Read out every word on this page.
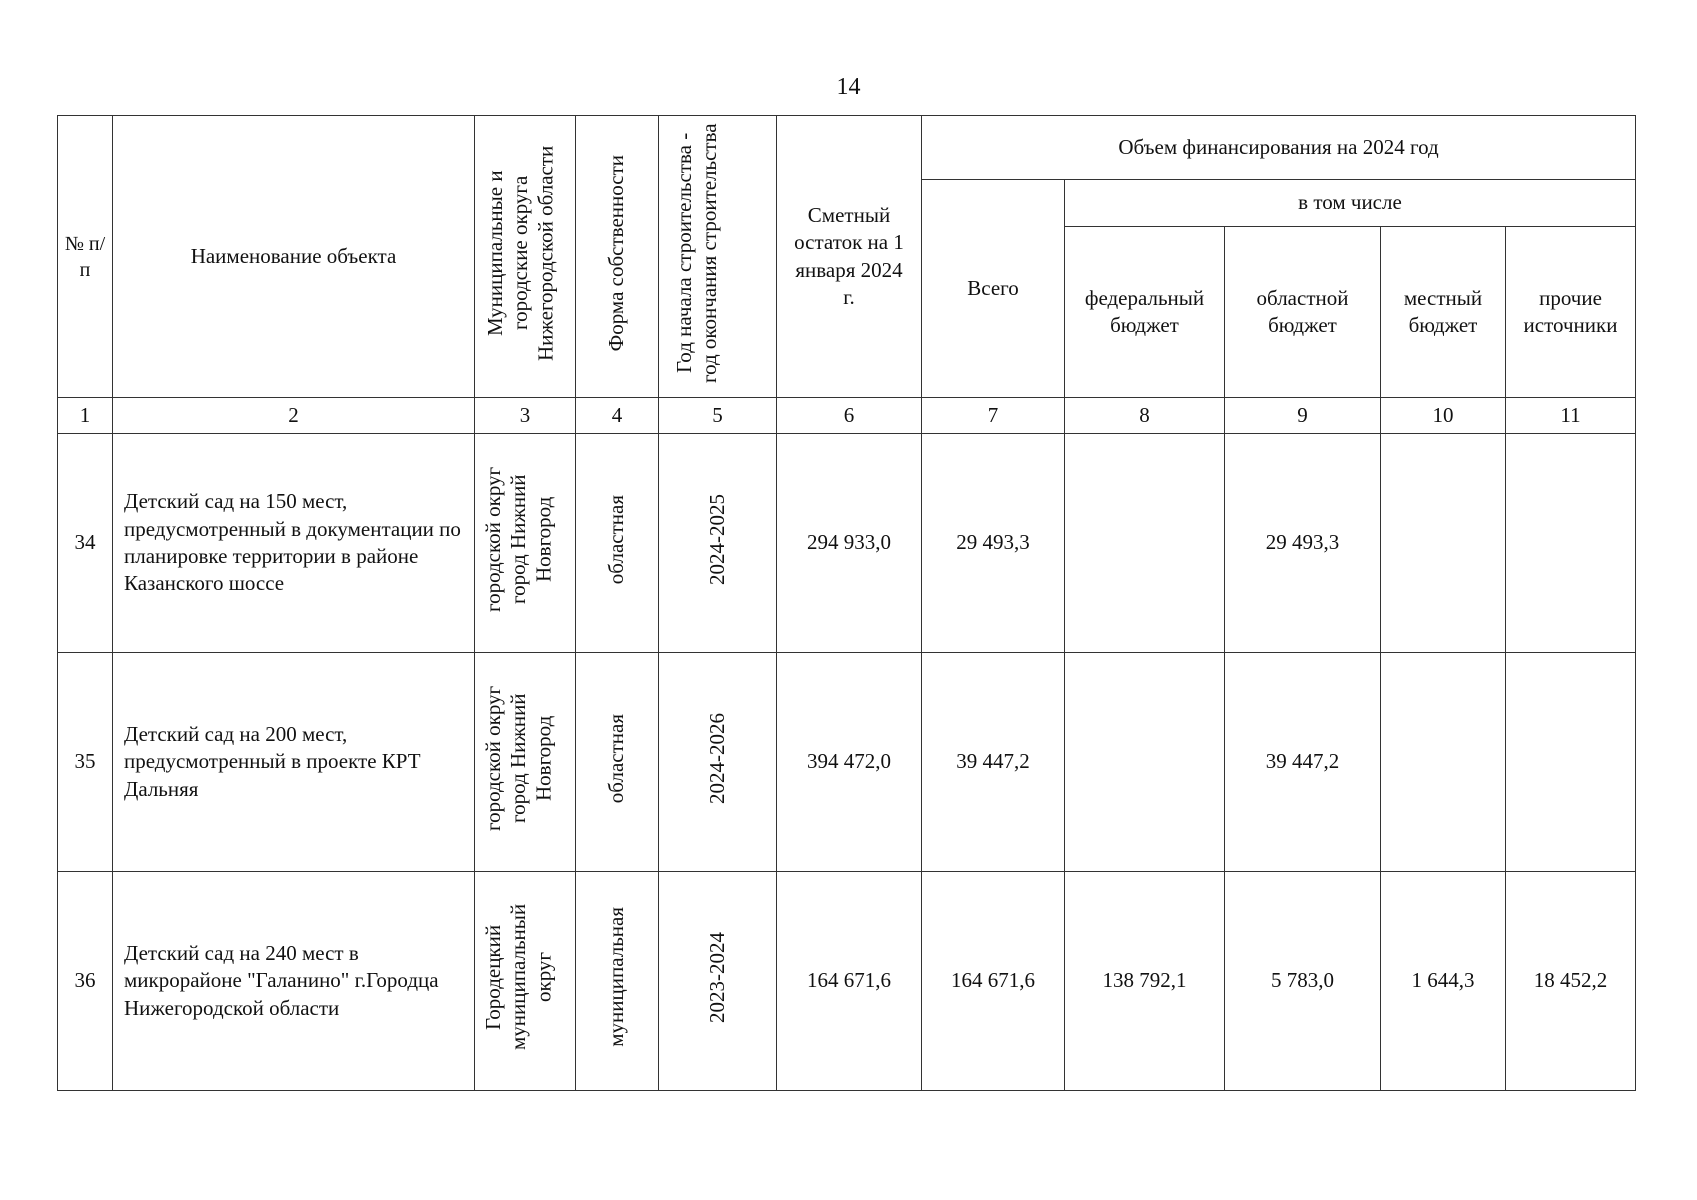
14
№ п/п	Наименование объекта	Муниципальные и городские округа Нижегородской области	Форма собственности	Год начала строительства - год окончания строительства	Сметный остаток на 1 января 2024 г.	Объем финансирования на 2024 год				
						Всего	в том числе			
							федеральный бюджет	областной бюджет	местный бюджет	прочие источники
1	2	3	4	5	6	7	8	9	10	11
34	Детский сад на 150 мест, предусмотренный в документации по планировке территории в районе Казанского шоссе	городской округ город Нижний Новгород	областная	2024-2025	294 933,0	29 493,3		29 493,3		
35	Детский сад на 200 мест, предусмотренный в проекте КРТ Дальняя	городской округ город Нижний Новгород	областная	2024-2026	394 472,0	39 447,2		39 447,2		
36	Детский сад на 240 мест в микрорайоне "Галанино" г.Городца Нижегородской области	Городецкий муниципальный округ	муниципальная	2023-2024	164 671,6	164 671,6	138 792,1	5 783,0	1 644,3	18 452,2
